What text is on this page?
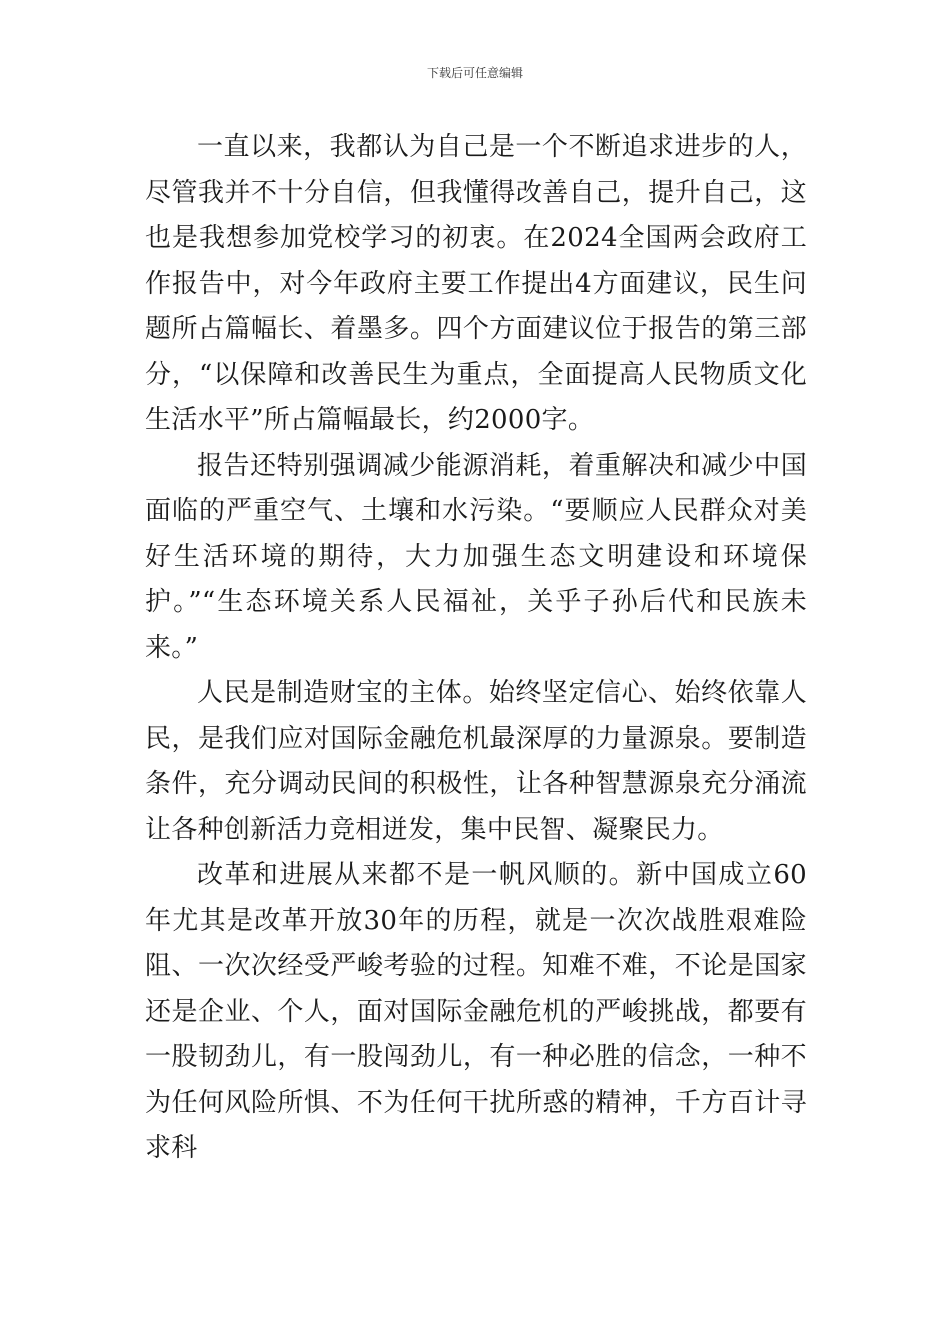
下载后可任意编辑

一直以来，我都认为自己是一个不断追求进步的人，尽管我并不十分自信，但我懂得改善自己，提升自己，这也是我想参加党校学习的初衷。在2024全国两会政府工作报告中，对今年政府主要工作提出4方面建议，民生问题所占篇幅长、着墨多。四个方面建议位于报告的第三部分，“以保障和改善民生为重点，全面提高人民物质文化生活水平”所占篇幅最长，约2000字。

报告还特别强调减少能源消耗，着重解决和减少中国面临的严重空气、土壤和水污染。“要顺应人民群众对美好生活环境的期待，大力加强生态文明建设和环境保护。”“生态环境关系人民福祉，关乎子孙后代和民族未来。”

人民是制造财宝的主体。始终坚定信心、始终依靠人民，是我们应对国际金融危机最深厚的力量源泉。要制造条件，充分调动民间的积极性，让各种智慧源泉充分涌流让各种创新活力竞相迸发，集中民智、凝聚民力。

改革和进展从来都不是一帆风顺的。新中国成立60年尤其是改革开放30年的历程，就是一次次战胜艰难险阻、一次次经受严峻考验的过程。知难不难，不论是国家还是企业、个人，面对国际金融危机的严峻挑战，都要有一股韧劲儿，有一股闯劲儿，有一种必胜的信念，一种不为任何风险所惧、不为任何干扰所惑的精神，千方百计寻求科
